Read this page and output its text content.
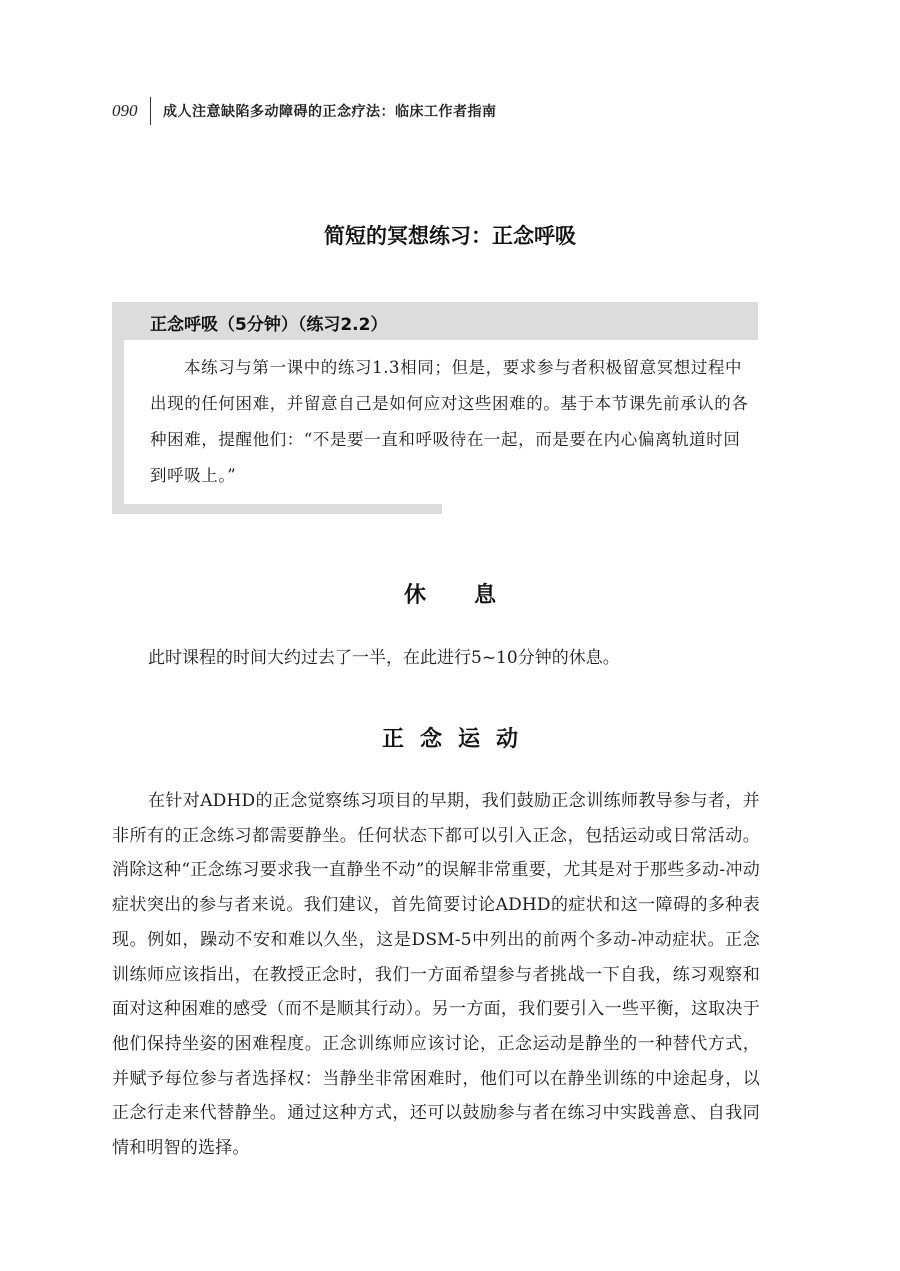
090	成人注意缺陷多动障碍的正念疗法：临床工作者指南
简短的冥想练习：正念呼吸
正念呼吸（5分钟）（练习2.2）
本练习与第一课中的练习1.3相同；但是，要求参与者积极留意冥想过程中出现的任何困难，并留意自己是如何应对这些困难的。基于本节课先前承认的各种困难，提醒他们：“不是要一直和呼吸待在一起，而是要在内心偏离轨道时回到呼吸上。”
休息

此时课程的时间大约过去了一半，在此进行5~10分钟的休息。

正念运动

在针对ADHD的正念觉察练习项目的早期，我们鼓励正念训练师教导参与者，并非所有的正念练习都需要静坐。任何状态下都可以引入正念，包括运动或日常活动。消除这种“正念练习要求我一直静坐不动”的误解非常重要，尤其是对于那些多动-冲动症状突出的参与者来说。我们建议，首先简要讨论ADHD的症状和这一障碍的多种表现。例如，躁动不安和难以久坐，这是DSM-5中列出的前两个多动-冲动症状。正念训练师应该指出，在教授正念时，我们一方面希望参与者挑战一下自我，练习观察和面对这种困难的感受（而不是顺其行动）。另一方面，我们要引入一些平衡，这取决于他们保持坐姿的困难程度。正念训练师应该讨论，正念运动是静坐的一种替代方式，并赋予每位参与者选择权：当静坐非常困难时，他们可以在静坐训练的中途起身，以正念行走来代替静坐。通过这种方式，还可以鼓励参与者在练习中实践善意、自我同情和明智的选择。
